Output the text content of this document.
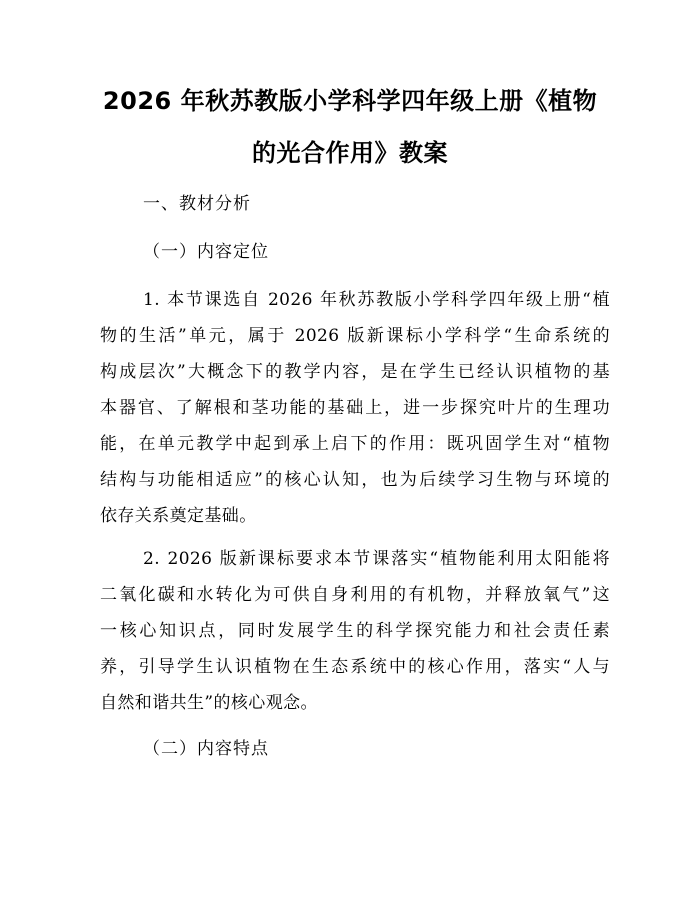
2026 年秋苏教版小学科学四年级上册《植物
的光合作用》教案

一、教材分析

（一）内容定位

1. 本节课选自 2026 年秋苏教版小学科学四年级上册“植
物的生活”单元，属于 2026 版新课标小学科学“生命系统的
构成层次”大概念下的教学内容，是在学生已经认识植物的基
本器官、了解根和茎功能的基础上，进一步探究叶片的生理功
能，在单元教学中起到承上启下的作用：既巩固学生对“植物
结构与功能相适应”的核心认知，也为后续学习生物与环境的
依存关系奠定基础。
2. 2026 版新课标要求本节课落实“植物能利用太阳能将
二氧化碳和水转化为可供自身利用的有机物，并释放氧气”这
一核心知识点，同时发展学生的科学探究能力和社会责任素
养，引导学生认识植物在生态系统中的核心作用，落实“人与
自然和谐共生”的核心观念。

（二）内容特点
